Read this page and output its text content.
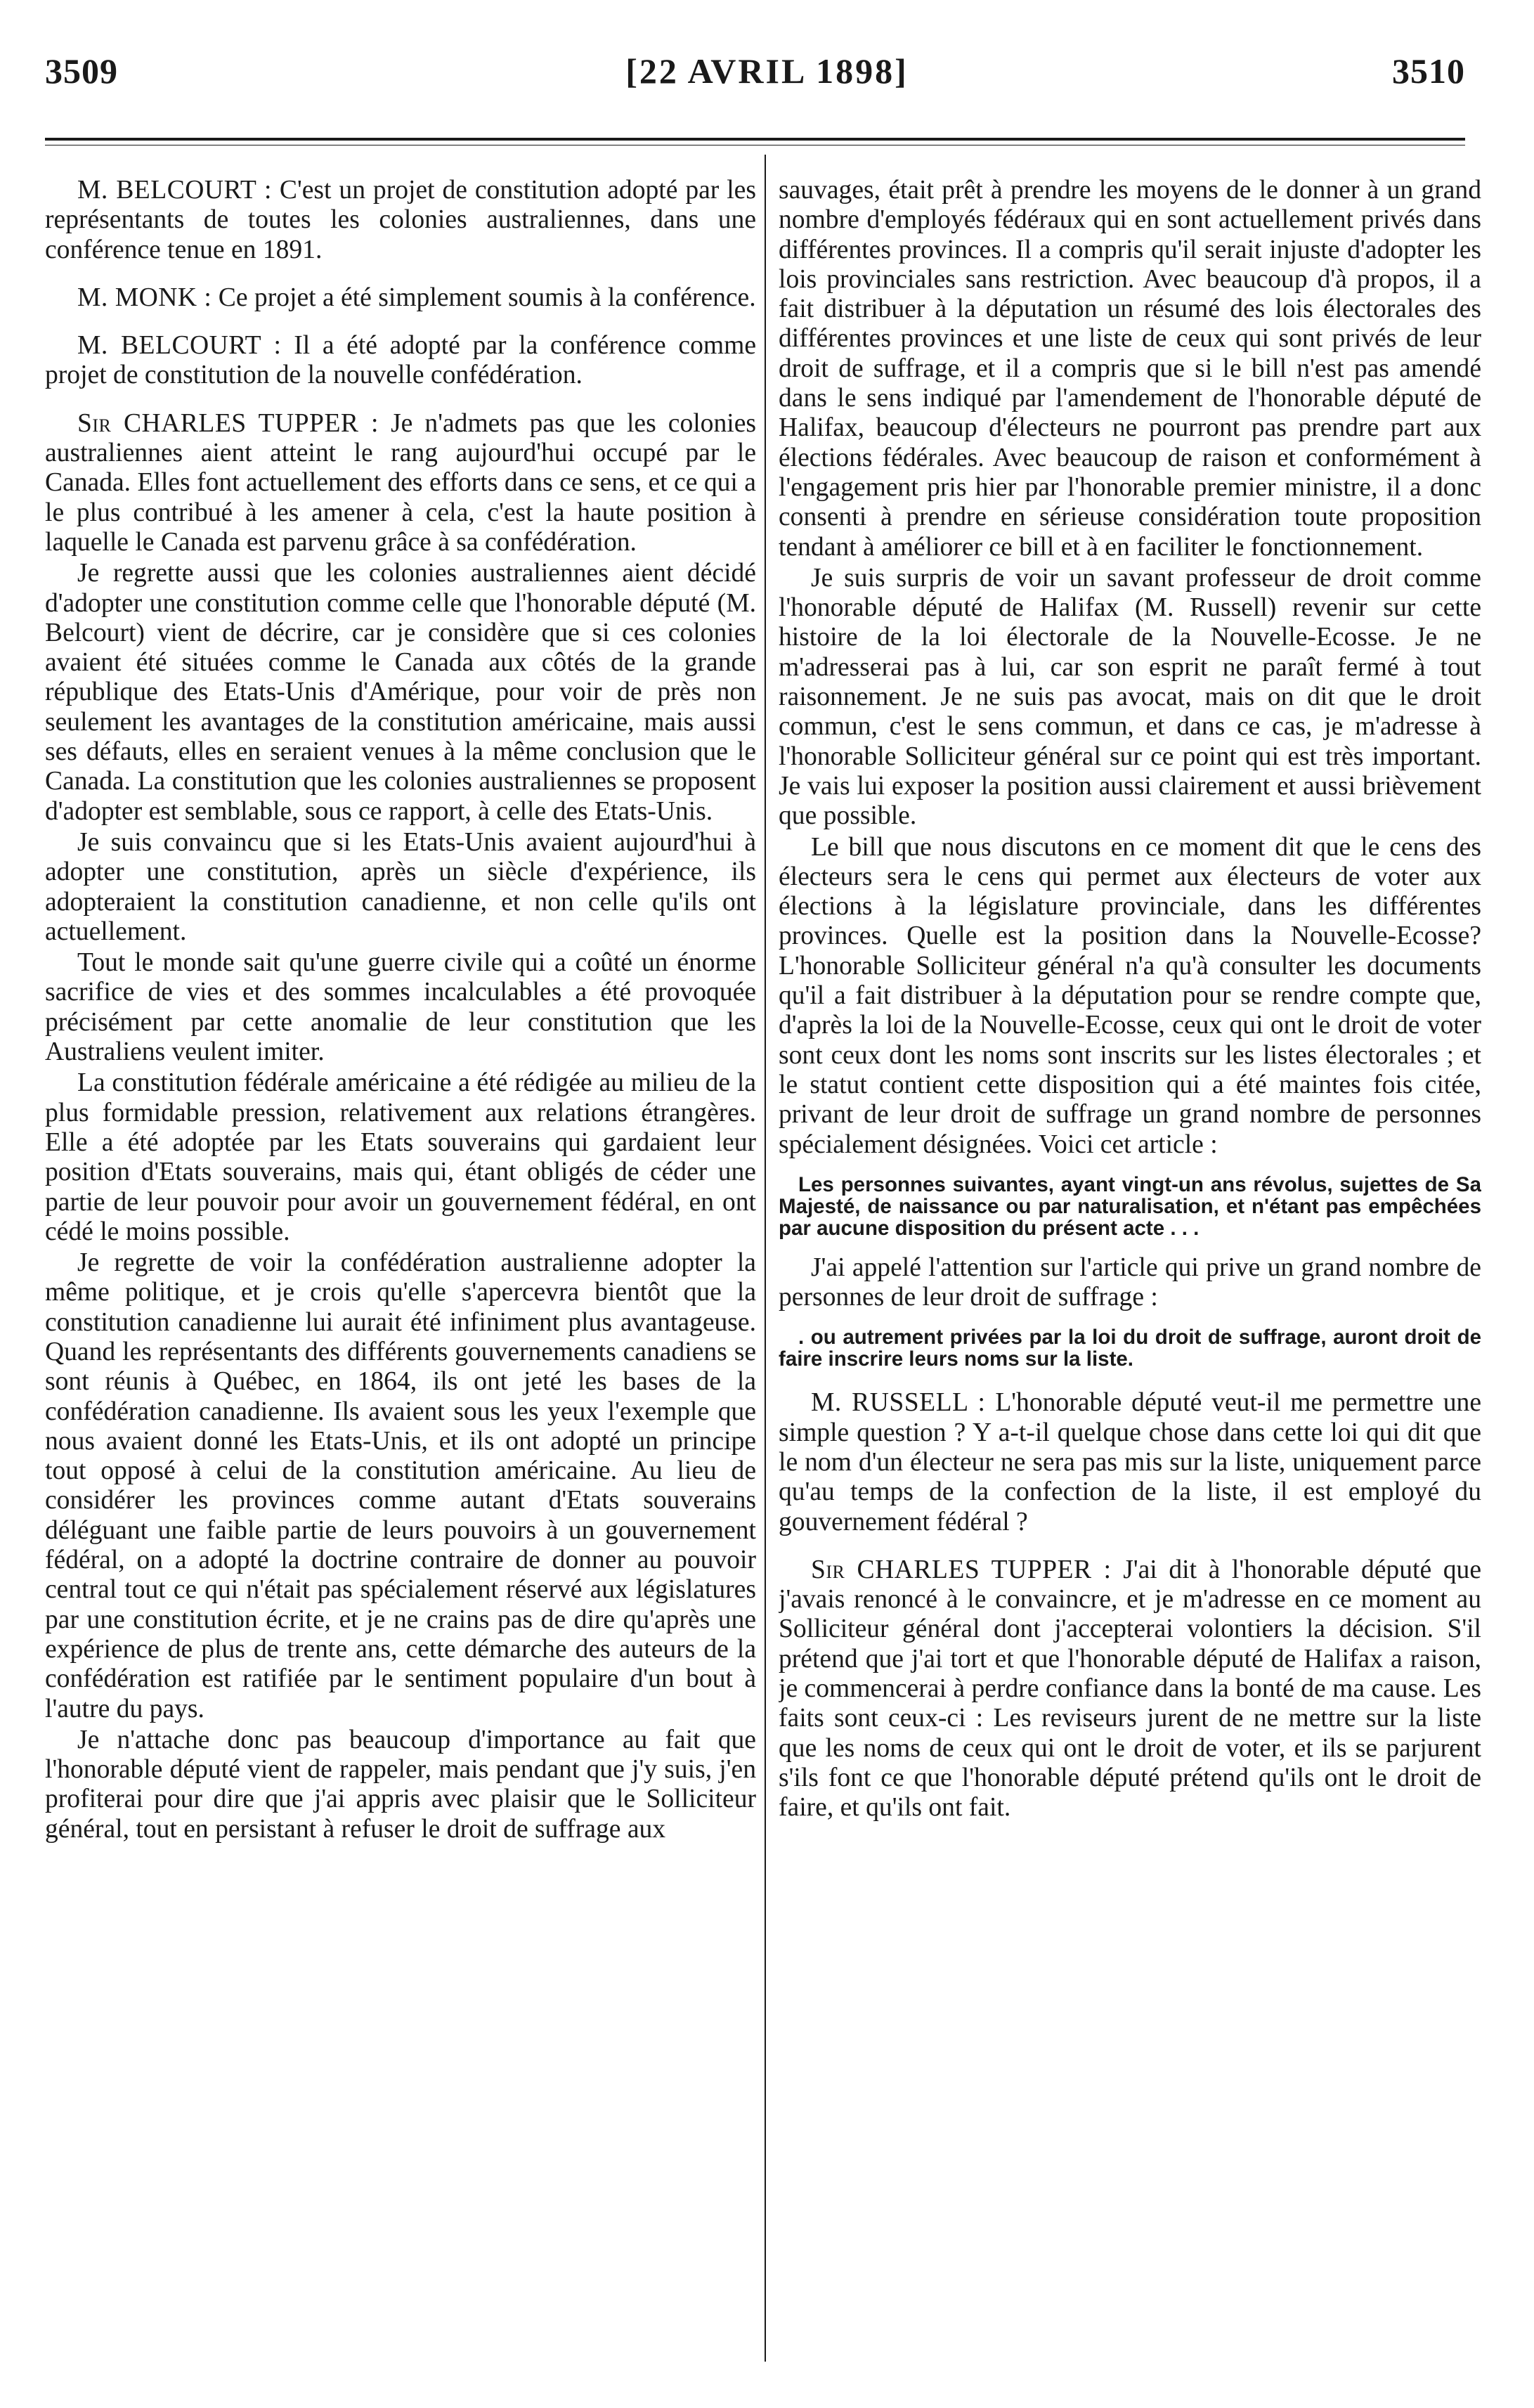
3509	[22 AVRIL 1898]	3510

M. BELCOURT : C'est un projet de constitution adopté par les représentants de toutes les colonies australiennes, dans une conférence tenue en 1891.

M. MONK : Ce projet a été simplement soumis à la conférence.

M. BELCOURT : Il a été adopté par la conférence comme projet de constitution de la nouvelle confédération.

Sir CHARLES TUPPER : Je n'admets pas que les colonies australiennes aient atteint le rang aujourd'hui occupé par le Canada. Elles font actuellement des efforts dans ce sens, et ce qui a le plus contribué à les amener à cela, c'est la haute position à laquelle le Canada est parvenu grâce à sa confédération.

Je regrette aussi que les colonies australiennes aient décidé d'adopter une constitution comme celle que l'honorable député (M. Belcourt) vient de décrire, car je considère que si ces colonies avaient été situées comme le Canada aux côtés de la grande république des Etats-Unis d'Amérique, pour voir de près non seulement les avantages de la constitution américaine, mais aussi ses défauts, elles en seraient venues à la même conclusion que le Canada. La constitution que les colonies australiennes se proposent d'adopter est semblable, sous ce rapport, à celle des Etats-Unis.

Je suis convaincu que si les Etats-Unis avaient aujourd'hui à adopter une constitution, après un siècle d'expérience, ils adopteraient la constitution canadienne, et non celle qu'ils ont actuellement.

Tout le monde sait qu'une guerre civile qui a coûté un énorme sacrifice de vies et des sommes incalculables a été provoquée précisément par cette anomalie de leur constitution que les Australiens veulent imiter.

La constitution fédérale américaine a été rédigée au milieu de la plus formidable pression, relativement aux relations étrangères. Elle a été adoptée par les Etats souverains qui gardaient leur position d'Etats souverains, mais qui, étant obligés de céder une partie de leur pouvoir pour avoir un gouvernement fédéral, en ont cédé le moins possible.

Je regrette de voir la confédération australienne adopter la même politique, et je crois qu'elle s'apercevra bientôt que la constitution canadienne lui aurait été infiniment plus avantageuse. Quand les représentants des différents gouvernements canadiens se sont réunis à Québec, en 1864, ils ont jeté les bases de la confédération canadienne. Ils avaient sous les yeux l'exemple que nous avaient donné les Etats-Unis, et ils ont adopté un principe tout opposé à celui de la constitution américaine. Au lieu de considérer les provinces comme autant d'Etats souverains déléguant une faible partie de leurs pouvoirs à un gouvernement fédéral, on a adopté la doctrine contraire de donner au pouvoir central tout ce qui n'était pas spécialement réservé aux législatures par une constitution écrite, et je ne crains pas de dire qu'après une expérience de plus de trente ans, cette démarche des auteurs de la confédération est ratifiée par le sentiment populaire d'un bout à l'autre du pays.

Je n'attache donc pas beaucoup d'importance au fait que l'honorable député vient de rappeler, mais pendant que j'y suis, j'en profiterai pour dire que j'ai appris avec plaisir que le Solliciteur général, tout en persistant à refuser le droit de suffrage aux

sauvages, était prêt à prendre les moyens de le donner à un grand nombre d'employés fédéraux qui en sont actuellement privés dans différentes provinces. Il a compris qu'il serait injuste d'adopter les lois provinciales sans restriction. Avec beaucoup d'à propos, il a fait distribuer à la députation un résumé des lois électorales des différentes provinces et une liste de ceux qui sont privés de leur droit de suffrage, et il a compris que si le bill n'est pas amendé dans le sens indiqué par l'amendement de l'honorable député de Halifax, beaucoup d'électeurs ne pourront pas prendre part aux élections fédérales. Avec beaucoup de raison et conformément à l'engagement pris hier par l'honorable premier ministre, il a donc consenti à prendre en sérieuse considération toute proposition tendant à améliorer ce bill et à en faciliter le fonctionnement.

Je suis surpris de voir un savant professeur de droit comme l'honorable député de Halifax (M. Russell) revenir sur cette histoire de la loi électorale de la Nouvelle-Ecosse. Je ne m'adresserai pas à lui, car son esprit ne paraît fermé à tout raisonnement. Je ne suis pas avocat, mais on dit que le droit commun, c'est le sens commun, et dans ce cas, je m'adresse à l'honorable Solliciteur général sur ce point qui est très important. Je vais lui exposer la position aussi clairement et aussi brièvement que possible.

Le bill que nous discutons en ce moment dit que le cens des électeurs sera le cens qui permet aux électeurs de voter aux élections à la législature provinciale, dans les différentes provinces. Quelle est la position dans la Nouvelle-Ecosse? L'honorable Solliciteur général n'a qu'à consulter les documents qu'il a fait distribuer à la députation pour se rendre compte que, d'après la loi de la Nouvelle-Ecosse, ceux qui ont le droit de voter sont ceux dont les noms sont inscrits sur les listes électorales ; et le statut contient cette disposition qui a été maintes fois citée, privant de leur droit de suffrage un grand nombre de personnes spécialement désignées. Voici cet article :

Les personnes suivantes, ayant vingt-un ans révolus, sujettes de Sa Majesté, de naissance ou par naturalisation, et n'étant pas empêchées par aucune disposition du présent acte . . .

J'ai appelé l'attention sur l'article qui prive un grand nombre de personnes de leur droit de suffrage :

. ou autrement privées par la loi du droit de suffrage, auront droit de faire inscrire leurs noms sur la liste.

M. RUSSELL : L'honorable député veut-il me permettre une simple question ? Y a-t-il quelque chose dans cette loi qui dit que le nom d'un électeur ne sera pas mis sur la liste, uniquement parce qu'au temps de la confection de la liste, il est employé du gouvernement fédéral ?

Sir CHARLES TUPPER : J'ai dit à l'honorable député que j'avais renoncé à le convaincre, et je m'adresse en ce moment au Solliciteur général dont j'accepterai volontiers la décision. S'il prétend que j'ai tort et que l'honorable député de Halifax a raison, je commencerai à perdre confiance dans la bonté de ma cause. Les faits sont ceux-ci : Les reviseurs jurent de ne mettre sur la liste que les noms de ceux qui ont le droit de voter, et ils se parjurent s'ils font ce que l'honorable député prétend qu'ils ont le droit de faire, et qu'ils ont fait.
